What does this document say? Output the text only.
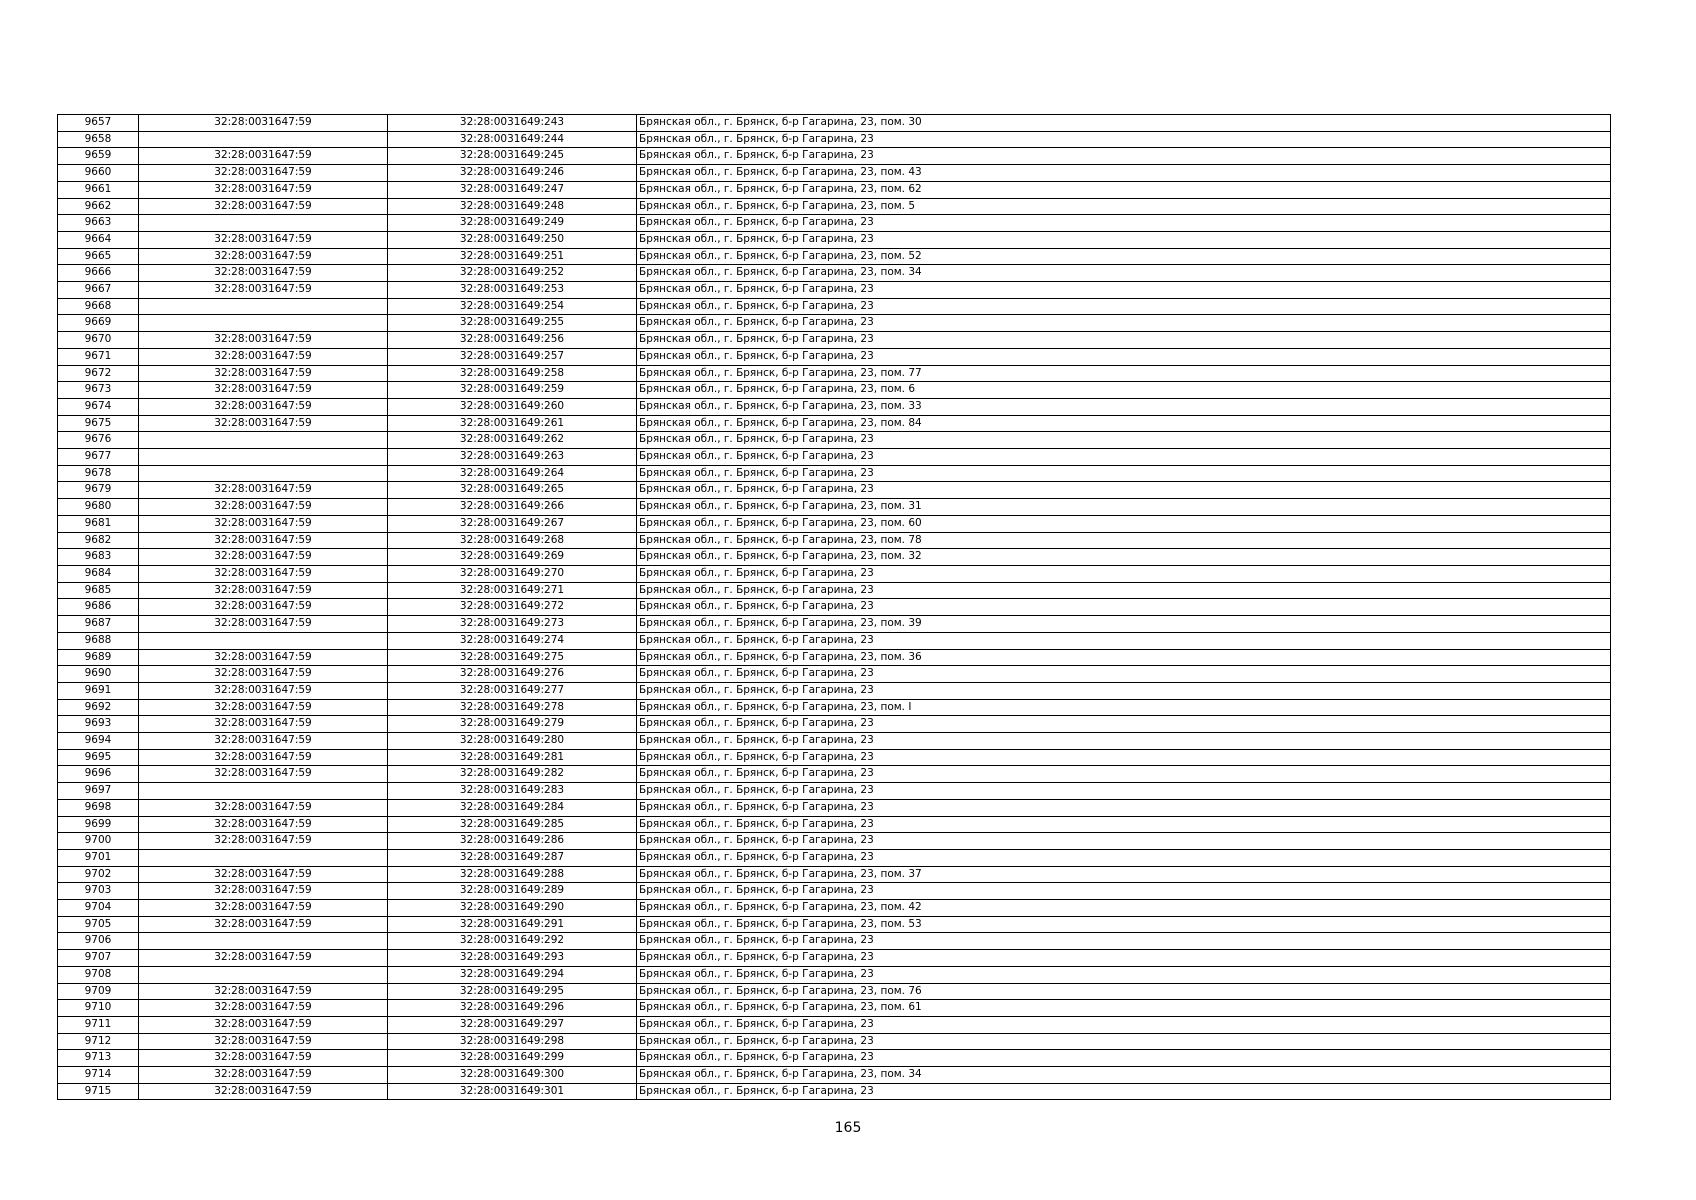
9657	32:28:0031647:59	32:28:0031649:243	Брянская обл., г. Брянск, б-р Гагарина, 23, пом. 30
9658		32:28:0031649:244	Брянская обл., г. Брянск, б-р Гагарина, 23
9659	32:28:0031647:59	32:28:0031649:245	Брянская обл., г. Брянск, б-р Гагарина, 23
9660	32:28:0031647:59	32:28:0031649:246	Брянская обл., г. Брянск, б-р Гагарина, 23, пом. 43
9661	32:28:0031647:59	32:28:0031649:247	Брянская обл., г. Брянск, б-р Гагарина, 23, пом. 62
9662	32:28:0031647:59	32:28:0031649:248	Брянская обл., г. Брянск, б-р Гагарина, 23, пом. 5
9663		32:28:0031649:249	Брянская обл., г. Брянск, б-р Гагарина, 23
9664	32:28:0031647:59	32:28:0031649:250	Брянская обл., г. Брянск, б-р Гагарина, 23
9665	32:28:0031647:59	32:28:0031649:251	Брянская обл., г. Брянск, б-р Гагарина, 23, пом. 52
9666	32:28:0031647:59	32:28:0031649:252	Брянская обл., г. Брянск, б-р Гагарина, 23, пом. 34
9667	32:28:0031647:59	32:28:0031649:253	Брянская обл., г. Брянск, б-р Гагарина, 23
9668		32:28:0031649:254	Брянская обл., г. Брянск, б-р Гагарина, 23
9669		32:28:0031649:255	Брянская обл., г. Брянск, б-р Гагарина, 23
9670	32:28:0031647:59	32:28:0031649:256	Брянская обл., г. Брянск, б-р Гагарина, 23
9671	32:28:0031647:59	32:28:0031649:257	Брянская обл., г. Брянск, б-р Гагарина, 23
9672	32:28:0031647:59	32:28:0031649:258	Брянская обл., г. Брянск, б-р Гагарина, 23, пом. 77
9673	32:28:0031647:59	32:28:0031649:259	Брянская обл., г. Брянск, б-р Гагарина, 23, пом. 6
9674	32:28:0031647:59	32:28:0031649:260	Брянская обл., г. Брянск, б-р Гагарина, 23, пом. 33
9675	32:28:0031647:59	32:28:0031649:261	Брянская обл., г. Брянск, б-р Гагарина, 23, пом. 84
9676		32:28:0031649:262	Брянская обл., г. Брянск, б-р Гагарина, 23
9677		32:28:0031649:263	Брянская обл., г. Брянск, б-р Гагарина, 23
9678		32:28:0031649:264	Брянская обл., г. Брянск, б-р Гагарина, 23
9679	32:28:0031647:59	32:28:0031649:265	Брянская обл., г. Брянск, б-р Гагарина, 23
9680	32:28:0031647:59	32:28:0031649:266	Брянская обл., г. Брянск, б-р Гагарина, 23, пом. 31
9681	32:28:0031647:59	32:28:0031649:267	Брянская обл., г. Брянск, б-р Гагарина, 23, пом. 60
9682	32:28:0031647:59	32:28:0031649:268	Брянская обл., г. Брянск, б-р Гагарина, 23, пом. 78
9683	32:28:0031647:59	32:28:0031649:269	Брянская обл., г. Брянск, б-р Гагарина, 23, пом. 32
9684	32:28:0031647:59	32:28:0031649:270	Брянская обл., г. Брянск, б-р Гагарина, 23
9685	32:28:0031647:59	32:28:0031649:271	Брянская обл., г. Брянск, б-р Гагарина, 23
9686	32:28:0031647:59	32:28:0031649:272	Брянская обл., г. Брянск, б-р Гагарина, 23
9687	32:28:0031647:59	32:28:0031649:273	Брянская обл., г. Брянск, б-р Гагарина, 23, пом. 39
9688		32:28:0031649:274	Брянская обл., г. Брянск, б-р Гагарина, 23
9689	32:28:0031647:59	32:28:0031649:275	Брянская обл., г. Брянск, б-р Гагарина, 23, пом. 36
9690	32:28:0031647:59	32:28:0031649:276	Брянская обл., г. Брянск, б-р Гагарина, 23
9691	32:28:0031647:59	32:28:0031649:277	Брянская обл., г. Брянск, б-р Гагарина, 23
9692	32:28:0031647:59	32:28:0031649:278	Брянская обл., г. Брянск, б-р Гагарина, 23, пом. I
9693	32:28:0031647:59	32:28:0031649:279	Брянская обл., г. Брянск, б-р Гагарина, 23
9694	32:28:0031647:59	32:28:0031649:280	Брянская обл., г. Брянск, б-р Гагарина, 23
9695	32:28:0031647:59	32:28:0031649:281	Брянская обл., г. Брянск, б-р Гагарина, 23
9696	32:28:0031647:59	32:28:0031649:282	Брянская обл., г. Брянск, б-р Гагарина, 23
9697		32:28:0031649:283	Брянская обл., г. Брянск, б-р Гагарина, 23
9698	32:28:0031647:59	32:28:0031649:284	Брянская обл., г. Брянск, б-р Гагарина, 23
9699	32:28:0031647:59	32:28:0031649:285	Брянская обл., г. Брянск, б-р Гагарина, 23
9700	32:28:0031647:59	32:28:0031649:286	Брянская обл., г. Брянск, б-р Гагарина, 23
9701		32:28:0031649:287	Брянская обл., г. Брянск, б-р Гагарина, 23
9702	32:28:0031647:59	32:28:0031649:288	Брянская обл., г. Брянск, б-р Гагарина, 23, пом. 37
9703	32:28:0031647:59	32:28:0031649:289	Брянская обл., г. Брянск, б-р Гагарина, 23
9704	32:28:0031647:59	32:28:0031649:290	Брянская обл., г. Брянск, б-р Гагарина, 23, пом. 42
9705	32:28:0031647:59	32:28:0031649:291	Брянская обл., г. Брянск, б-р Гагарина, 23, пом. 53
9706		32:28:0031649:292	Брянская обл., г. Брянск, б-р Гагарина, 23
9707	32:28:0031647:59	32:28:0031649:293	Брянская обл., г. Брянск, б-р Гагарина, 23
9708		32:28:0031649:294	Брянская обл., г. Брянск, б-р Гагарина, 23
9709	32:28:0031647:59	32:28:0031649:295	Брянская обл., г. Брянск, б-р Гагарина, 23, пом. 76
9710	32:28:0031647:59	32:28:0031649:296	Брянская обл., г. Брянск, б-р Гагарина, 23, пом. 61
9711	32:28:0031647:59	32:28:0031649:297	Брянская обл., г. Брянск, б-р Гагарина, 23
9712	32:28:0031647:59	32:28:0031649:298	Брянская обл., г. Брянск, б-р Гагарина, 23
9713	32:28:0031647:59	32:28:0031649:299	Брянская обл., г. Брянск, б-р Гагарина, 23
9714	32:28:0031647:59	32:28:0031649:300	Брянская обл., г. Брянск, б-р Гагарина, 23, пом. 34
9715	32:28:0031647:59	32:28:0031649:301	Брянская обл., г. Брянск, б-р Гагарина, 23
165
